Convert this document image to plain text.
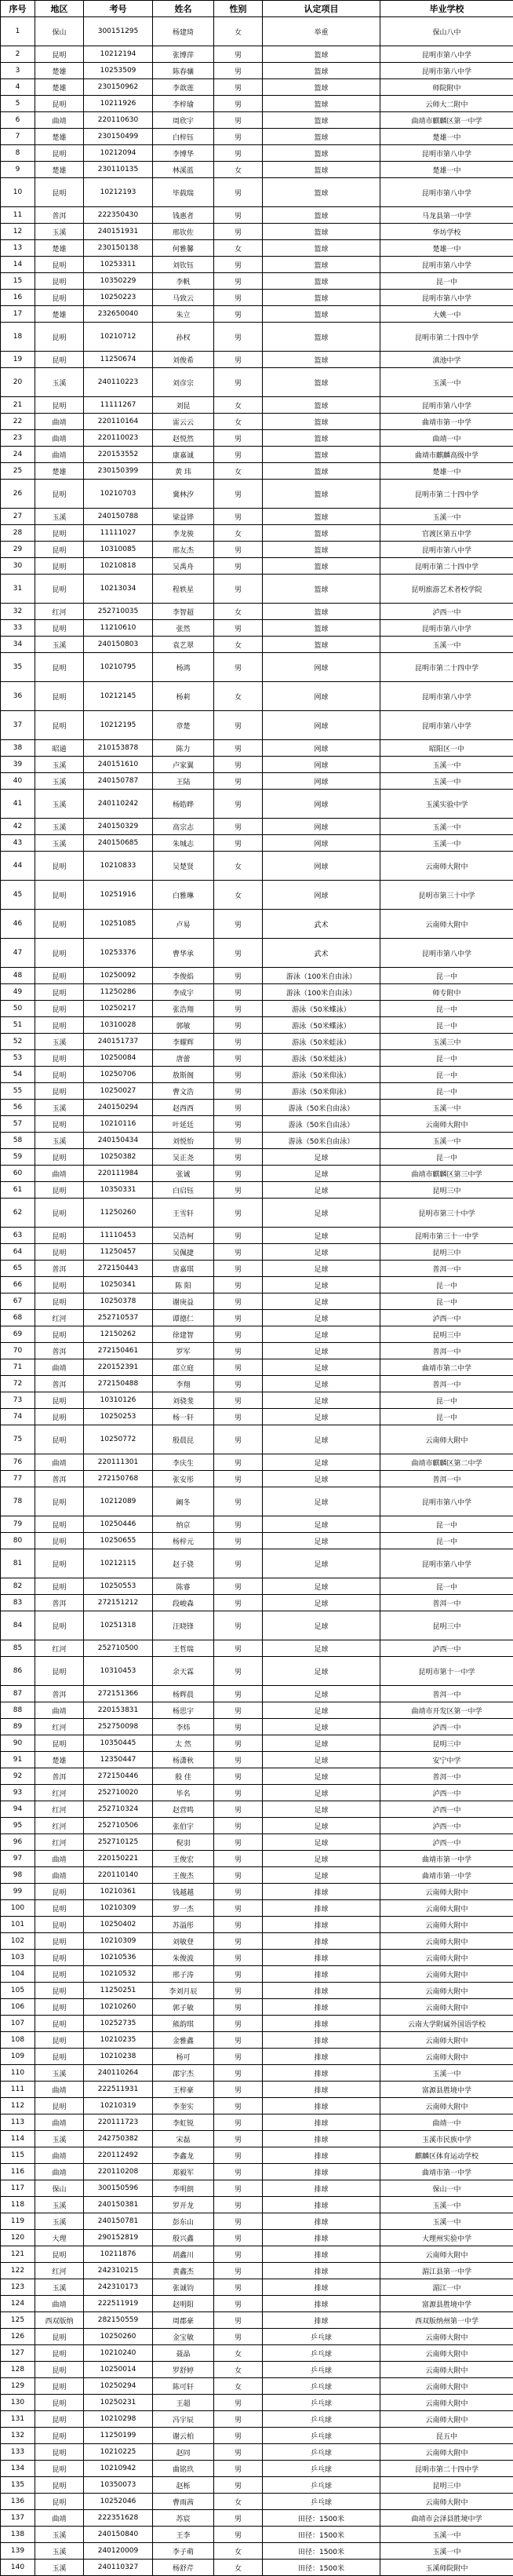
序号	地区	考号	姓名	性别	认定项目	毕业学校
1	保山	300151295	杨建琦	女	举重	保山八中
2	昆明	10212194	张博萍	男	篮球	昆明市第八中学
3	楚雄	10253509	陈春骧	男	篮球	昆明市第八中学
4	楚雄	230150962	李歆莲	男	篮球	师院附中
5	昆明	10211926	李梓瑜	男	篮球	云师大二附中
6	曲靖	220110630	周欣宇	男	篮球	曲靖市麒麟区第一中学
7	楚雄	230150499	白梓钰	男	篮球	楚雄一中
8	昆明	10212094	李博华	男	篮球	昆明市第八中学
9	楚雄	230110135	林溪蓝	女	篮球	楚雄一中
10	昆明	10212193	毕载瑞	男	篮球	昆明市第八中学
11	普洱	222350430	钱惠者	男	篮球	马龙县第一中学
12	玉溪	240151931	邢钦佐	男	篮球	华坊学校
13	楚雄	230150138	何雅馨	女	篮球	楚雄一中
14	昆明	10253311	刘钦钰	男	篮球	昆明市第八中学
15	昆明	10350229	李帆	男	篮球	昆一中
16	昆明	10250223	马致云	男	篮球	昆明市第八中学
17	楚雄	232650040	朱立	男	篮球	大姚一中
18	昆明	10210712	孙权	男	篮球	昆明市第二十四中学
19	昆明	11250674	刘俊希	男	篮球	滇池中学
20	玉溪	240110223	刘彦宗	男	篮球	玉溪一中
21	昆明	11111267	刘昆	女	篮球	昆明市第八中学
22	曲靖	220110164	雷云云	女	篮球	曲靖市第一中学
23	曲靖	220110023	赵悦然	男	篮球	曲靖一中
24	曲靖	220153552	康嘉诚	男	篮球	曲靖市麒麟高级中学
25	楚雄	230150399	黄 玮	女	篮球	楚雄一中
26	昆明	10210703	冀林汐	男	篮球	昆明市第二十四中学
27	玉溪	240150788	梁益铧	男	篮球	玉溪一中
28	昆明	11111027	李龙骏	女	篮球	官渡区第五中学
29	昆明	10310085	邢友杰	男	篮球	昆明市第八中学
30	昆明	10210818	吴禹舟	男	篮球	昆明市第二十四中学
31	昆明	10213034	程轶星	男	篮球	昆明旅游艺术者校学院
32	红河	252710035	李智超	女	篮球	泸西一中
33	昆明	11210610	张然	男	篮球	昆明市第八中学
34	玉溪	240150803	袁艺翠	女	篮球	玉溪一中
35	昆明	10210795	杨鸿	男	网球	昆明市第二十四中学
36	昆明	10212145	杨莉	女	网球	昆明市第八中学
37	昆明	10212195	章楚	男	网球	昆明市第八中学
38	昭通	210153878	陈力	男	网球	昭阳区一中
39	玉溪	240151610	卢家翼	男	网球	玉溪一中
40	玉溪	240150787	王陆	男	网球	玉溪一中
41	玉溪	240110242	杨皓晔	男	网球	玉溪实验中学
42	玉溪	240150329	高宗志	男	网球	玉溪一中
43	玉溪	240150685	朱城志	男	网球	玉溪一中
44	昆明	10210833	吴楚贤	女	网球	云南师大附中
45	昆明	10251916	白雅琳	女	网球	昆明市第三十中学
46	昆明	10251085	卢易	男	武术	云南师大附中
47	昆明	10253376	曹华承	男	武术	昆明市第八中学
48	昆明	10250092	李俊焰	男	游泳（100米自由泳）	昆一中
49	昆明	11250286	李成宇	男	游泳（100米自由泳）	师专附中
50	昆明	10250217	张浩翔	男	游泳（50米蝶泳）	昆一中
51	昆明	10310028	郭敏	男	游泳（50米蝶泳）	昆一中
52	玉溪	240151737	李耀辉	男	游泳（50米蛙泳）	玉溪三中
53	昆明	10250084	唐蕾	男	游泳（50米蛙泳）	昆一中
54	昆明	10250706	敖斯阁	男	游泳（50米仰泳）	昆一中
55	昆明	10250027	曹文浩	男	游泳（50米仰泳）	昆一中
56	玉溪	240150294	赵西西	男	游泳（50米自由泳）	玉溪一中
57	昆明	10210116	叶延廷	男	游泳（50米自由泳）	云南师大附中
58	玉溪	240150434	刘悦怡	男	游泳（50米自由泳）	玉溪一中
59	昆明	10250382	吴正尧	男	足球	昆一中
60	曲靖	220111984	张诚	男	足球	曲靖市麒麟区第三中学
61	昆明	10350331	白启钰	男	足球	昆明三中
62	昆明	11250260	王雪轩	男	足球	昆明市第三十中学
63	昆明	11110453	吴浩柯	男	足球	昆明市第三十一中学
64	昆明	11250457	吴佩捷	男	足球	昆明三中
65	普洱	272150443	唐嘉琪	男	足球	普洱一中
66	昆明	10250341	陈 阳	男	足球	昆一中
67	昆明	10250378	谢庚益	男	足球	昆一中
68	红河	252710537	谭德仁	男	足球	泸西一中
69	昆明	12150262	徐建智	男	足球	昆明三中
70	普洱	272150461	罗军	男	足球	普洱一中
71	曲靖	220152391	邵立庭	男	足球	曲靖市第二中学
72	普洱	272150488	李翔	男	足球	普洱一中
73	昆明	10310126	刘骁斐	男	足球	昆一中
74	昆明	10250253	杨一轩	男	足球	昆一中
75	昆明	10250772	殷晨昆	男	足球	云南师大附中
76	曲靖	220111301	李庆生	男	足球	曲靖市麒麟区第二中学
77	普洱	272150768	张安彤	男	足球	普洱一中
78	昆明	10212089	阚冬	男	足球	昆明市第八中学
79	昆明	10250446	纳京	男	足球	昆一中
80	昆明	10250655	杨梓元	男	足球	昆一中
81	昆明	10212115	赵子骁	男	足球	昆明市第八中学
82	昆明	10250553	陈睿	男	足球	昆一中
83	普洱	272151212	段峻森	男	足球	普洱一中
84	昆明	10251318	汪晓锋	男	足球	昆明三中
85	红河	252710500	王哲瑞	男	足球	泸西一中
86	昆明	10310453	余天霖	男	足球	昆明市第十一中学
87	普洱	272151366	杨辉晨	男	足球	普洱一中
88	曲靖	220153831	杨思宇	男	足球	曲靖市开发区第一中学
89	红河	252750098	李炜	男	足球	泸西一中
90	昆明	10350445	太 然	男	足球	昆明三中
91	楚雄	12350447	杨潇秋	男	足球	安宁中学
92	普洱	272150446	殷 佳	男	足球	普洱一中
93	红河	252710020	毕名	男	足球	泸西一中
94	红河	252710324	赵营鸣	男	足球	泸西一中
95	红河	252710506	张伯宇	男	足球	泸西一中
96	红河	252710125	倪羽	男	足球	泸西一中
97	曲靖	220150221	王俊宏	男	足球	曲靖市第一中学
98	曲靖	220110140	王俊杰	男	足球	曲靖市第一中学
99	昆明	10210361	钱越越	男	排球	云南师大附中
100	昆明	10210309	罗一杰	男	排球	云南师大附中
101	昆明	10250402	苏溢彤	男	排球	云南师大附中
102	昆明	10210309	刘敏登	男	排球	云南师大附中
103	昆明	10210536	朱俊波	男	排球	云南师大附中
104	昆明	10210532	邢子涛	男	排球	云南师大附中
105	昆明	11250251	李刘月辰	男	排球	云南师大附中
106	昆明	10210260	郭子敏	男	排球	云南师大附中
107	昆明	10252735	熊韵琪	男	排球	云南大学附属外国语学校
108	昆明	10210235	金雅鑫	男	排球	云南师大附中
109	昆明	10210238	杨可	男	排球	云南师大附中
110	玉溪	240110264	邵宇杰	男	排球	玉溪一中
111	曲靖	222511931	王梓豪	男	排球	富源县胜境中学
112	昆明	10210319	李奎实	男	排球	云南师大附中
113	曲靖	220111723	李虹锐	男	排球	曲靖一中
114	玉溪	242750382	宋磊	男	排球	玉溪市民族中学
115	曲靖	220112492	李鑫龙	男	排球	麒麟区体育运动学校
116	曲靖	220110208	郑毅军	男	排球	曲靖市第一中学
117	保山	300150596	李明朗	男	排球	保山一中
118	玉溪	240150381	罗开龙	男	排球	玉溪一中
119	玉溪	240150781	彭东山	男	排球	玉溪一中
120	大理	290152819	殷兴鑫	男	排球	大理州实验中学
121	昆明	10211876	胡鑫川	男	排球	云南师大附中
122	红河	242310215	黄鑫杰	男	排球	湄江县第一中学
123	玉溪	242310173	张诚钧	男	排球	湄江一中
124	曲靖	222511919	赵明阳	男	排球	富源县胜境中学
125	西双版纳	282150559	周郡豪	男	排球	西双版纳州第一中学
126	昆明	10250260	金宝敏	男	乒乓球	云南师大附中
127	昆明	10210240	聂晶	女	乒乓球	云南师大附中
128	昆明	10250014	罗舒婷	女	乒乓球	云南师大附中
129	昆明	10250294	陈可轩	女	乒乓球	云南师大附中
130	昆明	10250231	王超	男	乒乓球	云南师大附中
131	昆明	10210298	冯宇辰	男	乒乓球	云南师大附中
132	昆明	11250199	谢云柏	男	乒乓球	昆五中
133	昆明	10210225	赵同	男	乒乓球	云南师大附中
134	昆明	10210942	曲铭玖	男	乒乓球	昆明市第二十四中学
135	昆明	10350073	赵栎	男	乒乓球	昆明三中
136	昆明	10252046	曹雨茜	女	乒乓球	云南师大附中
137	曲靖	222351628	苏宸	男	田径：1500米	曲靖市会泽县胜境中学
138	玉溪	240150840	王李	男	田径：1500米	玉溪一中
139	玉溪	240120009	李子萌	女	田径：1500米	玉溪一中
140	玉溪	240110327	杨舒芹	女	田径：1500米	玉溪师院附中
